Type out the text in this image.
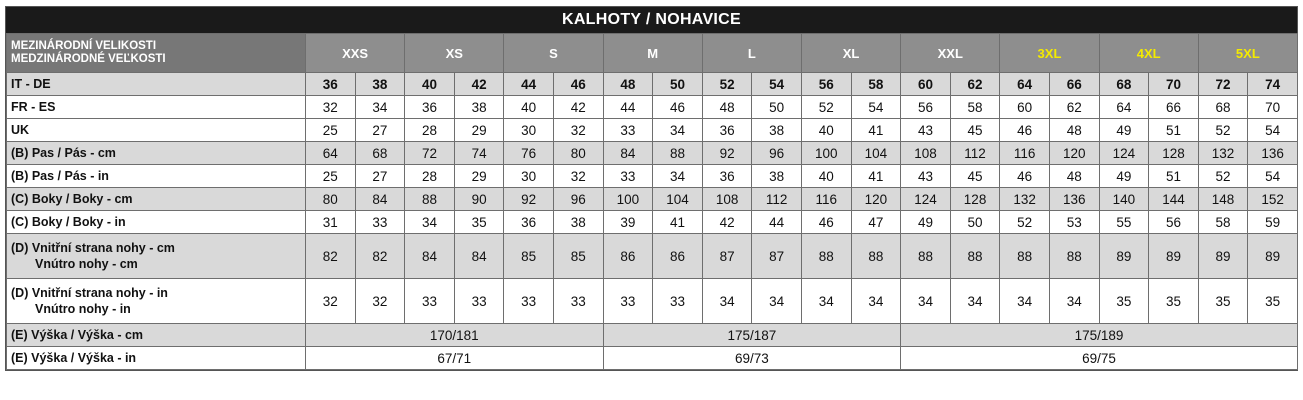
KALHOTY / NOHAVICE
MEZINÁRODNÍ VELIKOSTI
MEDZINÁRODNÉ VEĽKOSTI	XXS		XS		S		M		L		XL		XXL		3XL		4XL		5XL	
IT - DE	36	38	40	42	44	46	48	50	52	54	56	58	60	62	64	66	68	70	72	74
FR - ES	32	34	36	38	40	42	44	46	48	50	52	54	56	58	60	62	64	66	68	70
UK	25	27	28	29	30	32	33	34	36	38	40	41	43	45	46	48	49	51	52	54
(B) Pas / Pás - cm	64	68	72	74	76	80	84	88	92	96	100	104	108	112	116	120	124	128	132	136
(B) Pas / Pás - in	25	27	28	29	30	32	33	34	36	38	40	41	43	45	46	48	49	51	52	54
(C) Boky / Boky - cm	80	84	88	90	92	96	100	104	108	112	116	120	124	128	132	136	140	144	148	152
(C) Boky / Boky - in	31	33	34	35	36	38	39	41	42	44	46	47	49	50	52	53	55	56	58	59

(D) Vnitřní strana nohy - cm
Vnútro nohy - cm	82	82	84	84	85	85	86	86	87	87	88	88	88	88	88	88	89	89	89	89

(D) Vnitřní strana nohy - in
Vnútro nohy - in	32	32	33	33	33	33	33	33	34	34	34	34	34	34	34	34	35	35	35	35
(E) Výška / Výška - cm	170/181						175/187						175/189							
(E) Výška / Výška - in	67/71						69/73						69/75							
